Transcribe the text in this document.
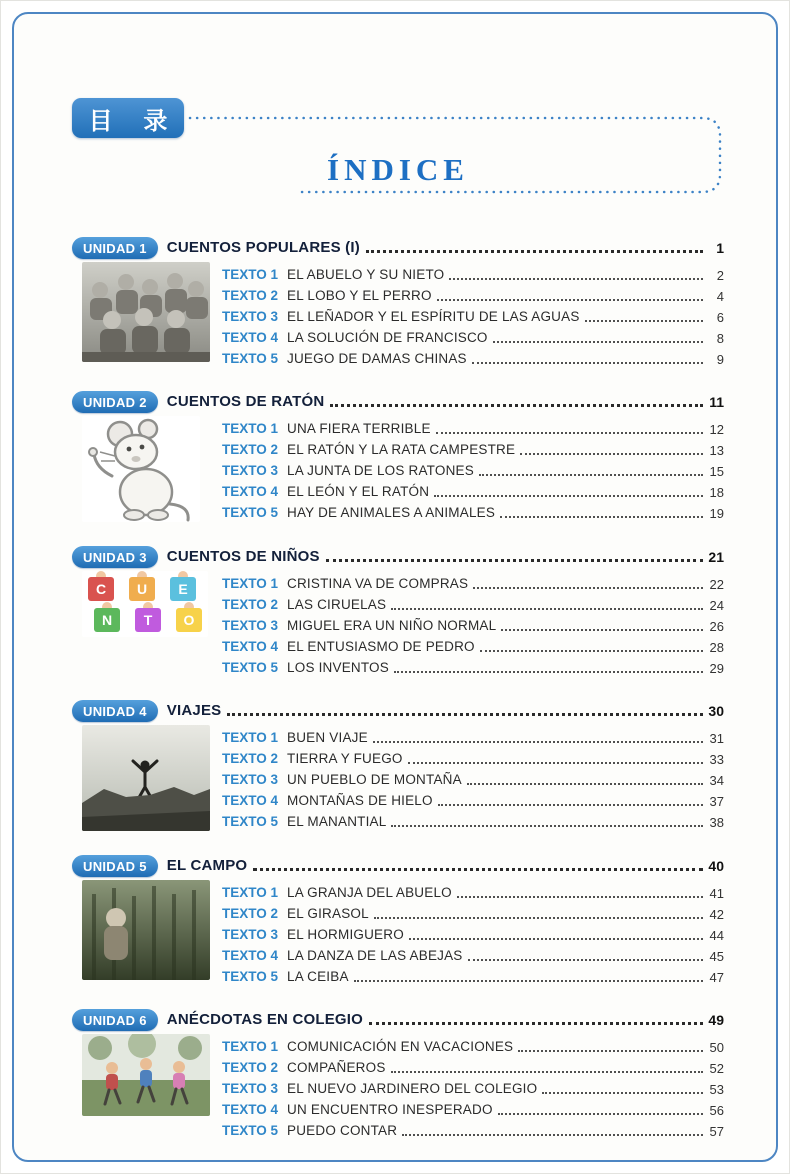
目 录
ÍNDICE
UNIDAD 1	CUENTOS POPULARES (I)	1
TEXTO 1 EL ABUELO Y SU NIETO	2
TEXTO 2 EL LOBO Y EL PERRO	4
TEXTO 3 EL LEÑADOR Y EL ESPÍRITU DE LAS AGUAS	6
TEXTO 4 LA SOLUCIÓN DE FRANCISCO	8
TEXTO 5 JUEGO DE DAMAS CHINAS	9
UNIDAD 2	CUENTOS DE RATÓN	11
TEXTO 1 UNA FIERA TERRIBLE	12
TEXTO 2 EL RATÓN Y LA RATA CAMPESTRE	13
TEXTO 3 LA JUNTA DE LOS RATONES	15
TEXTO 4 EL LEÓN Y EL RATÓN	18
TEXTO 5 HAY DE ANIMALES A ANIMALES	19
UNIDAD 3	CUENTOS DE NIÑOS	21
C U E
N T O
TEXTO 1 CRISTINA VA DE COMPRAS	22
TEXTO 2 LAS CIRUELAS	24
TEXTO 3 MIGUEL ERA UN NIÑO NORMAL	26
TEXTO 4 EL ENTUSIASMO DE PEDRO	28
TEXTO 5 LOS INVENTOS	29
UNIDAD 4	VIAJES	30
TEXTO 1 BUEN VIAJE	31
TEXTO 2 TIERRA Y FUEGO	33
TEXTO 3 UN PUEBLO DE MONTAÑA	34
TEXTO 4 MONTAÑAS DE HIELO	37
TEXTO 5 EL MANANTIAL	38
UNIDAD 5	EL CAMPO	40
TEXTO 1 LA GRANJA DEL ABUELO	41
TEXTO 2 EL GIRASOL	42
TEXTO 3 EL HORMIGUERO	44
TEXTO 4 LA DANZA DE LAS ABEJAS	45
TEXTO 5 LA CEIBA	47
UNIDAD 6	ANÉCDOTAS EN COLEGIO	49
TEXTO 1 COMUNICACIÓN EN VACACIONES	50
TEXTO 2 COMPAÑEROS	52
TEXTO 3 EL NUEVO JARDINERO DEL COLEGIO	53
TEXTO 4 UN ENCUENTRO INESPERADO	56
TEXTO 5 PUEDO CONTAR	57
